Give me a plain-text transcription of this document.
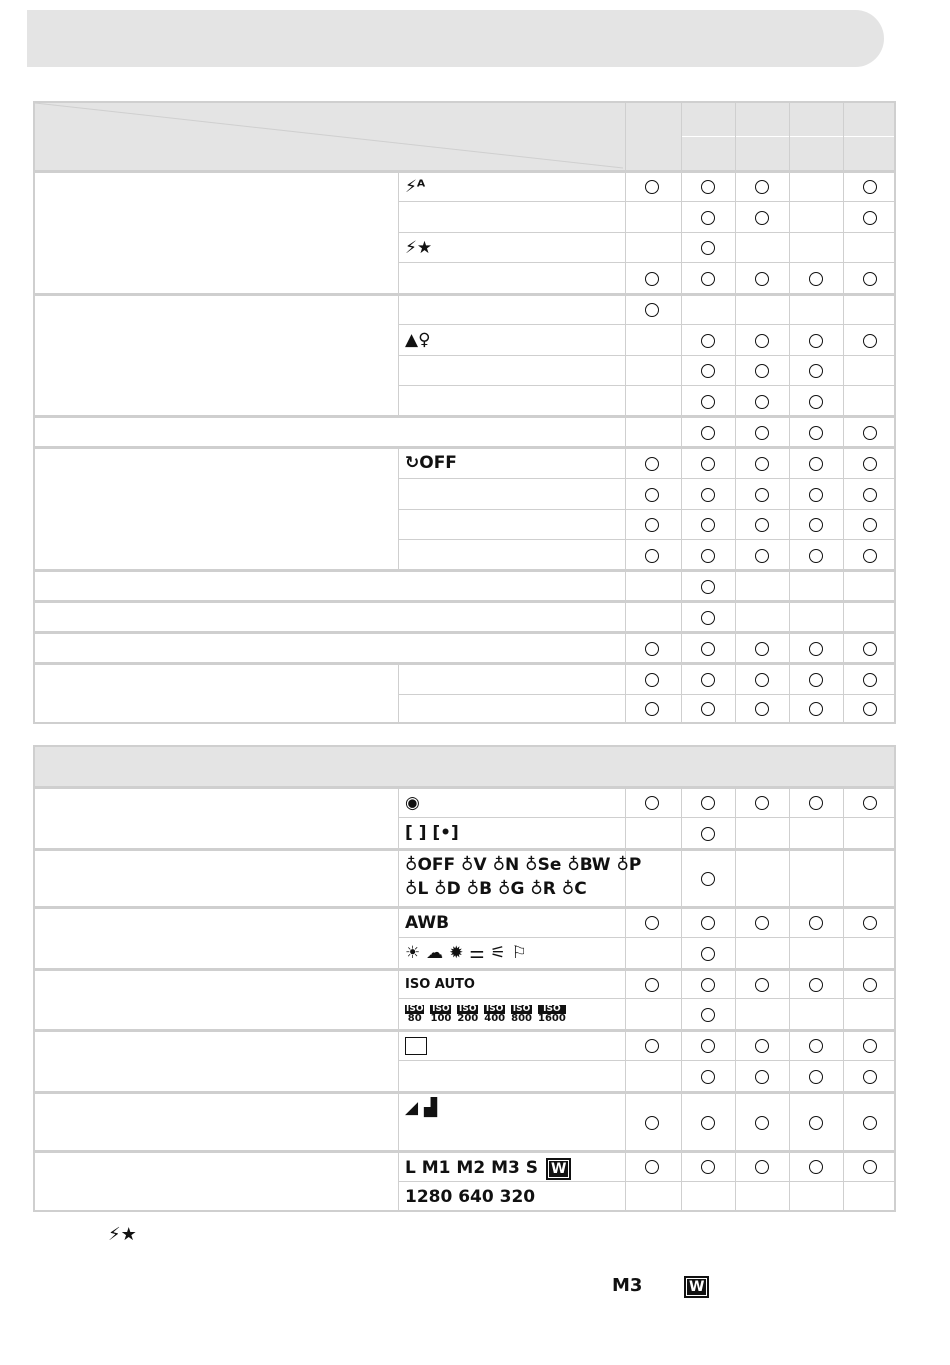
⚡ᴬ
⚡★
▲♀
↻OFF
◉
[ ] [•]
♁OFF ♁V ♁N ♁Se ♁BW ♁P
♁L ♁D ♁B ♁G ♁R ♁C
AWB
☀ ☁ ✹ ⚌ ⚟ ⚐
ISO AUTO
ISO
80
ISO
100
ISO
200
ISO
400
ISO
800
ISO
1600
◢ ▟
L M1 M2 M3 S W
1280 640 320
⚡★
M3	W
